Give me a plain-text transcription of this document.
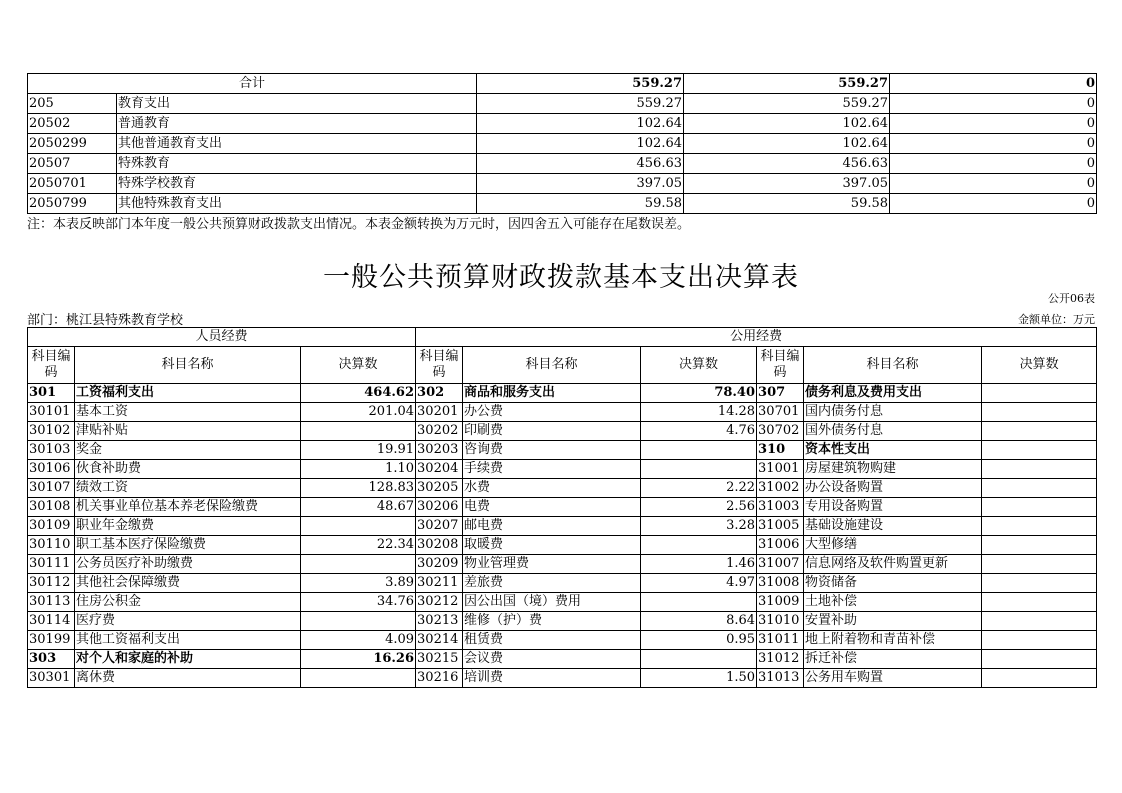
合计		559.27	559.27	0
205	教育支出	559.27	559.27	0
20502	普通教育	102.64	102.64	0
2050299	其他普通教育支出	102.64	102.64	0
20507	特殊教育	456.63	456.63	0
2050701	特殊学校教育	397.05	397.05	0
2050799	其他特殊教育支出	59.58	59.58	0
注：本表反映部门本年度一般公共预算财政拨款支出情况。本表金额转换为万元时，因四舍五入可能存在尾数误差。
一般公共预算财政拨款基本支出决算表
公开06表
部门：桃江县特殊教育学校	金额单位：万元
人员经费			公用经费					
科目编码	科目名称	决算数	科目编码	科目名称	决算数	科目编码	科目名称	决算数
301	工资福利支出	464.62	302	商品和服务支出	78.40	307	债务利息及费用支出	
30101	基本工资	201.04	30201	办公费	14.28	30701	国内债务付息	
30102	津贴补贴		30202	印刷费	4.76	30702	国外债务付息	
30103	奖金	19.91	30203	咨询费		310	资本性支出	
30106	伙食补助费	1.10	30204	手续费		31001	房屋建筑物购建	
30107	绩效工资	128.83	30205	水费	2.22	31002	办公设备购置	
30108	机关事业单位基本养老保险缴费	48.67	30206	电费	2.56	31003	专用设备购置	
30109	职业年金缴费		30207	邮电费	3.28	31005	基础设施建设	
30110	职工基本医疗保险缴费	22.34	30208	取暖费		31006	大型修缮	
30111	公务员医疗补助缴费		30209	物业管理费	1.46	31007	信息网络及软件购置更新	
30112	其他社会保障缴费	3.89	30211	差旅费	4.97	31008	物资储备	
30113	住房公积金	34.76	30212	因公出国（境）费用		31009	土地补偿	
30114	医疗费		30213	维修（护）费	8.64	31010	安置补助	
30199	其他工资福利支出	4.09	30214	租赁费	0.95	31011	地上附着物和青苗补偿	
303	对个人和家庭的补助	16.26	30215	会议费		31012	拆迁补偿	
30301	离休费		30216	培训费	1.50	31013	公务用车购置	
